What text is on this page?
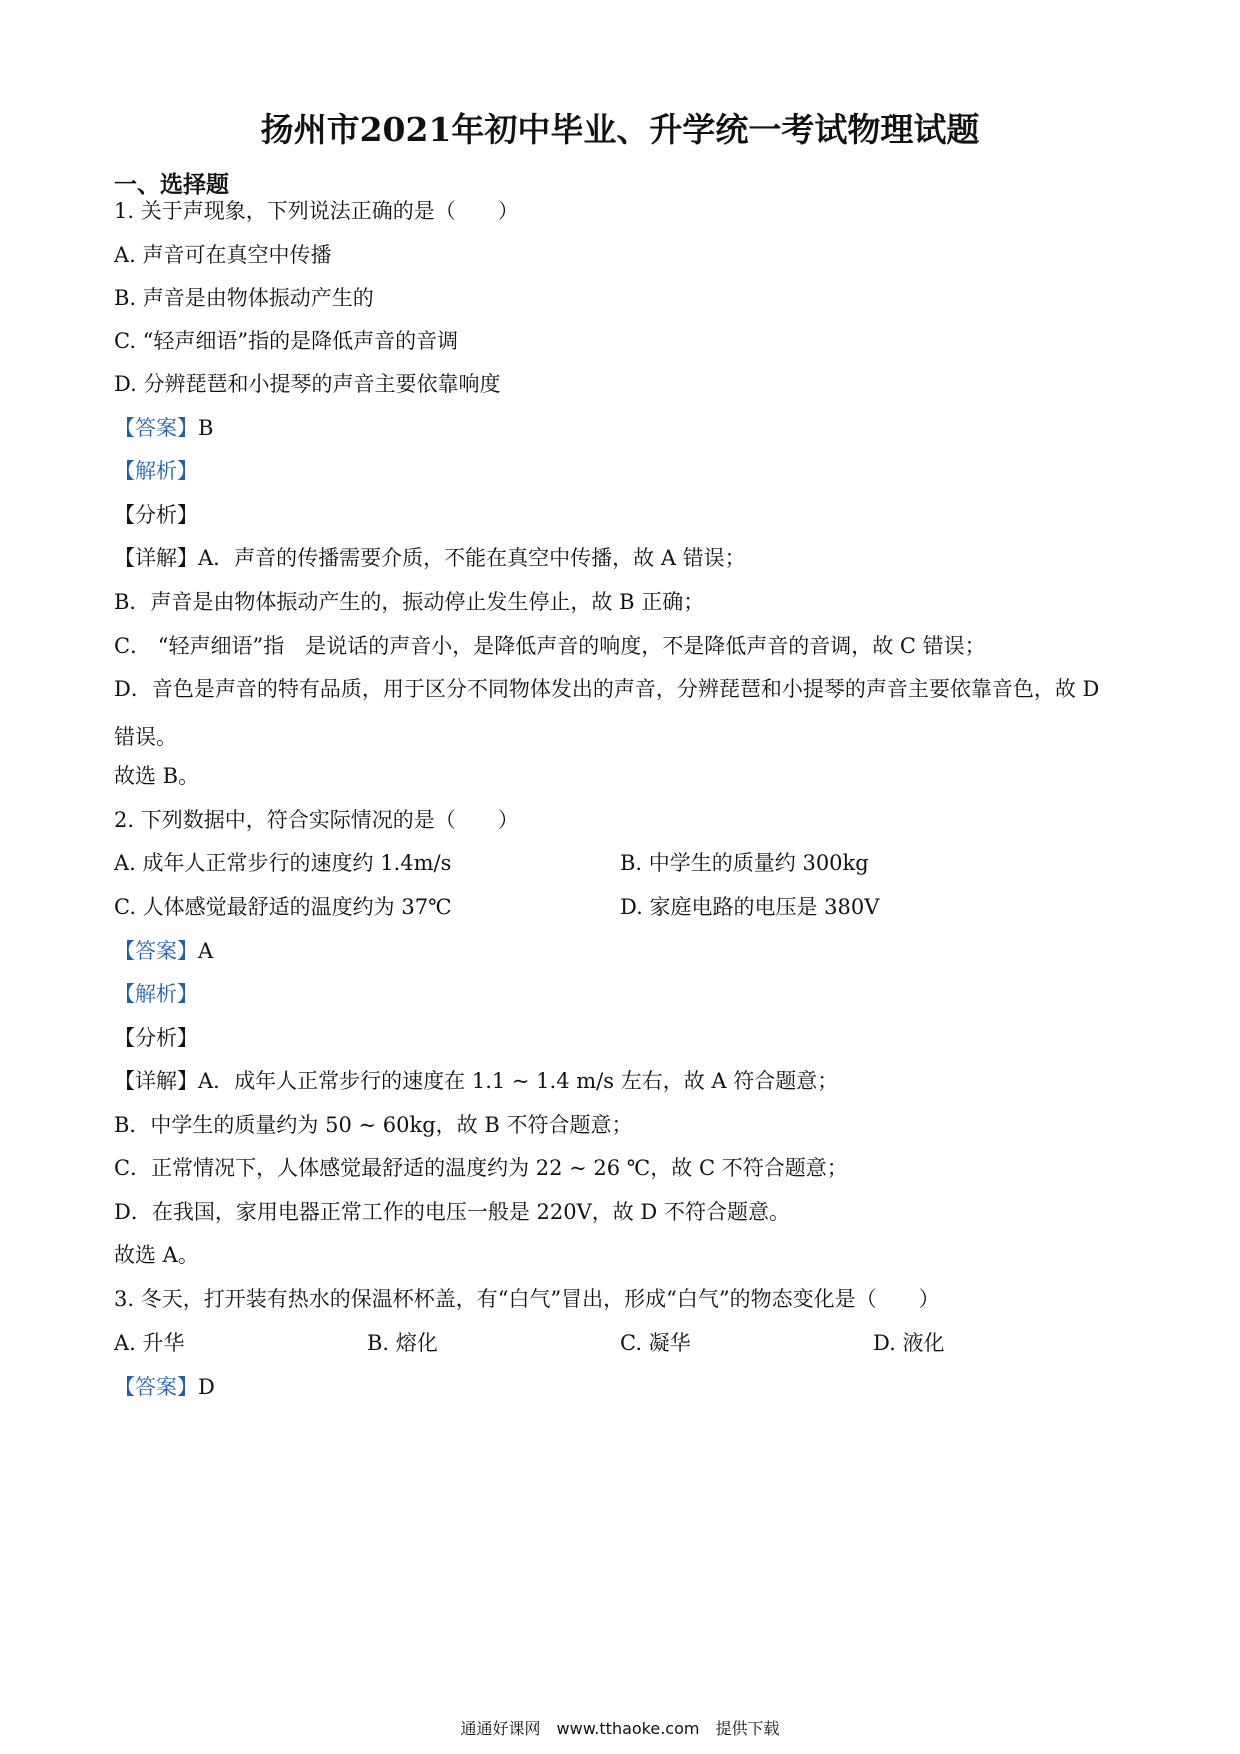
扬州市2021年初中毕业、升学统一考试物理试题
一、选择题
1. 关于声现象，下列说法正确的是（　　）
A. 声音可在真空中传播
B. 声音是由物体振动产生的
C. “轻声细语”指的是降低声音的音调
D. 分辨琵琶和小提琴的声音主要依靠响度
【答案】B
【解析】
【分析】
【详解】A．声音的传播需要介质，不能在真空中传播，故 A 错误；
B．声音是由物体振动产生的，振动停止发生停止，故 B 正确；
C． “轻声细语”指　是说话的声音小，是降低声音的响度，不是降低声音的音调，故 C 错误；
D．音色是声音的特有品质，用于区分不同物体发出的声音，分辨琵琶和小提琴的声音主要依靠音色，故 D 错误。
故选 B。
2. 下列数据中，符合实际情况的是（　　）
A. 成年人正常步行的速度约 1.4m/s	B. 中学生的质量约 300kg
C. 人体感觉最舒适的温度约为 37℃	D. 家庭电路的电压是 380V
【答案】A
【解析】
【分析】
【详解】A．成年人正常步行的速度在 1.1 ~ 1.4 m/s 左右，故 A 符合题意；
B．中学生的质量约为 50 ~ 60kg，故 B 不符合题意；
C．正常情况下，人体感觉最舒适的温度约为 22 ~ 26 ℃，故 C 不符合题意；
D．在我国，家用电器正常工作的电压一般是 220V，故 D 不符合题意。
故选 A。
3. 冬天，打开装有热水的保温杯杯盖，有“白气”冒出，形成“白气”的物态变化是（　　）
A. 升华	B. 熔化	C. 凝华	D. 液化
【答案】D
通通好课网　www.tthaoke.com　提供下载
